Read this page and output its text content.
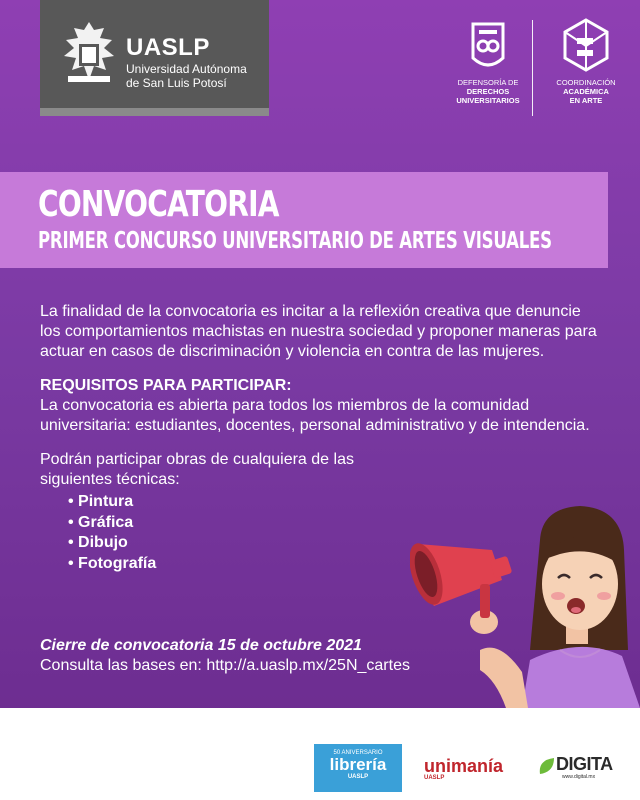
UASLP
Universidad Autónoma
de San Luis Potosí	DEFENSORÍA DE
DERECHOS
UNIVERSITARIOS
COORDINACIÓN
ACADÉMICA
EN ARTE
CONVOCATORIA
PRIMER CONCURSO UNIVERSITARIO DE ARTES VISUALES

La finalidad de la convocatoria es incitar a la reflexión creativa que denuncie los comportamientos machistas en nuestra sociedad y proponer maneras para actuar en casos de discriminación y violencia en contra de las mujeres.

REQUISITOS PARA PARTICIPAR:

La convocatoria es abierta para todos los miembros de la comunidad universitaria: estudiantes, docentes, personal administrativo y de intendencia.

Podrán participar obras de cualquiera de las siguientes técnicas:

• Pintura
• Gráfica
• Dibujo
• Fotografía
Cierre de convocatoria 15 de octubre 2021
Consulta las bases en: http://a.uaslp.mx/25N_cartes
50 ANIVERSARIO
librería
UASLP
unimanía
UASLP
DIGITA
www.digital.mx
